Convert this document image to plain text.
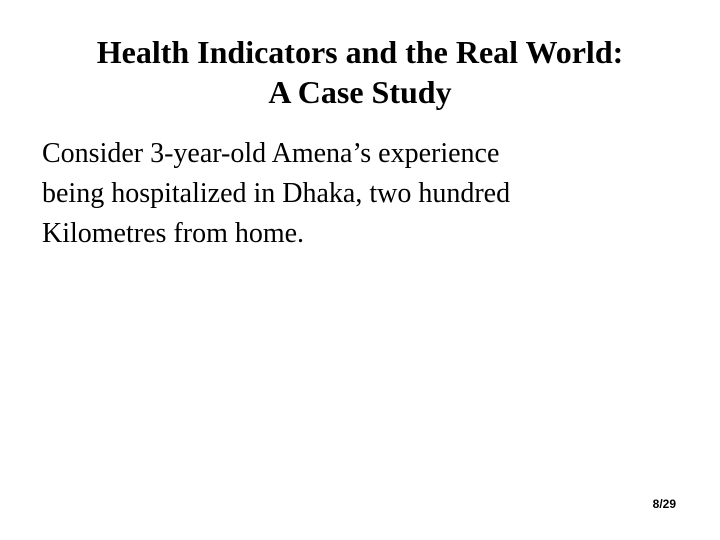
Health Indicators and the Real World:
A Case Study
Consider 3-year-old Amena’s experience
being hospitalized in Dhaka, two hundred
Kilometres from home.
8/29
